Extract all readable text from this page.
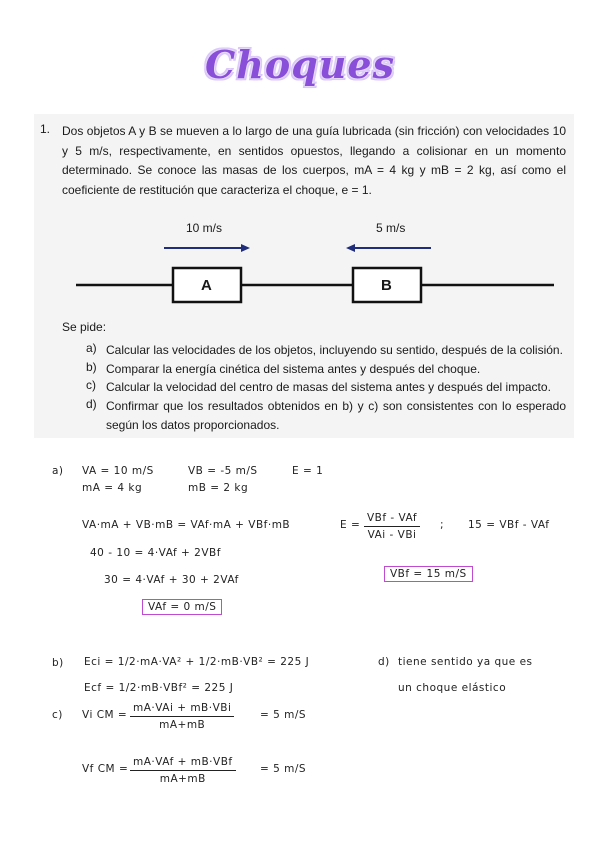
Choques
1. Dos objetos A y B se mueven a lo largo de una guía lubricada (sin fricción) con velocidades 10 y 5 m/s, respectivamente, en sentidos opuestos, llegando a colisionar en un momento determinado. Se conoce las masas de los cuerpos, mA = 4 kg y mB = 2 kg, así como el coeficiente de restitución que caracteriza el choque, e = 1.
10 m/s	5 m/s
A	B
Se pide:
a) Calcular las velocidades de los objetos, incluyendo su sentido, después de la colisión.
b) Comparar la energía cinética del sistema antes y después del choque.
c) Calcular la velocidad del centro de masas del sistema antes y después del impacto.
d) Confirmar que los resultados obtenidos en b) y c) son consistentes con lo esperado según los datos proporcionados.
a) VA = 10 m/S	VB = -5 m/S	E = 1
mA = 4 kg	mB = 2 kg
VA·mA + VB·mB = VAf·mA + VBf·mB
40 - 10 = 4·VAf + 2VBf
30 = 4·VAf + 30 + 2VAf
VAf = 0 m/S
E =
VBf - VAf
VAi - VBi
; 15 = VBf - VAf
VBf = 15 m/S
b) Eci = 1/2·mA·VA² + 1/2·mB·VB² = 225 J
Ecf = 1/2·mB·VBf² = 225 J
d) tiene sentido ya que es
un choque elástico
c) Vi CM =
mA·VAi + mB·VBi
mA+mB
= 5 m/S
Vf CM =
mA·VAf + mB·VBf
mA+mB
= 5 m/S
